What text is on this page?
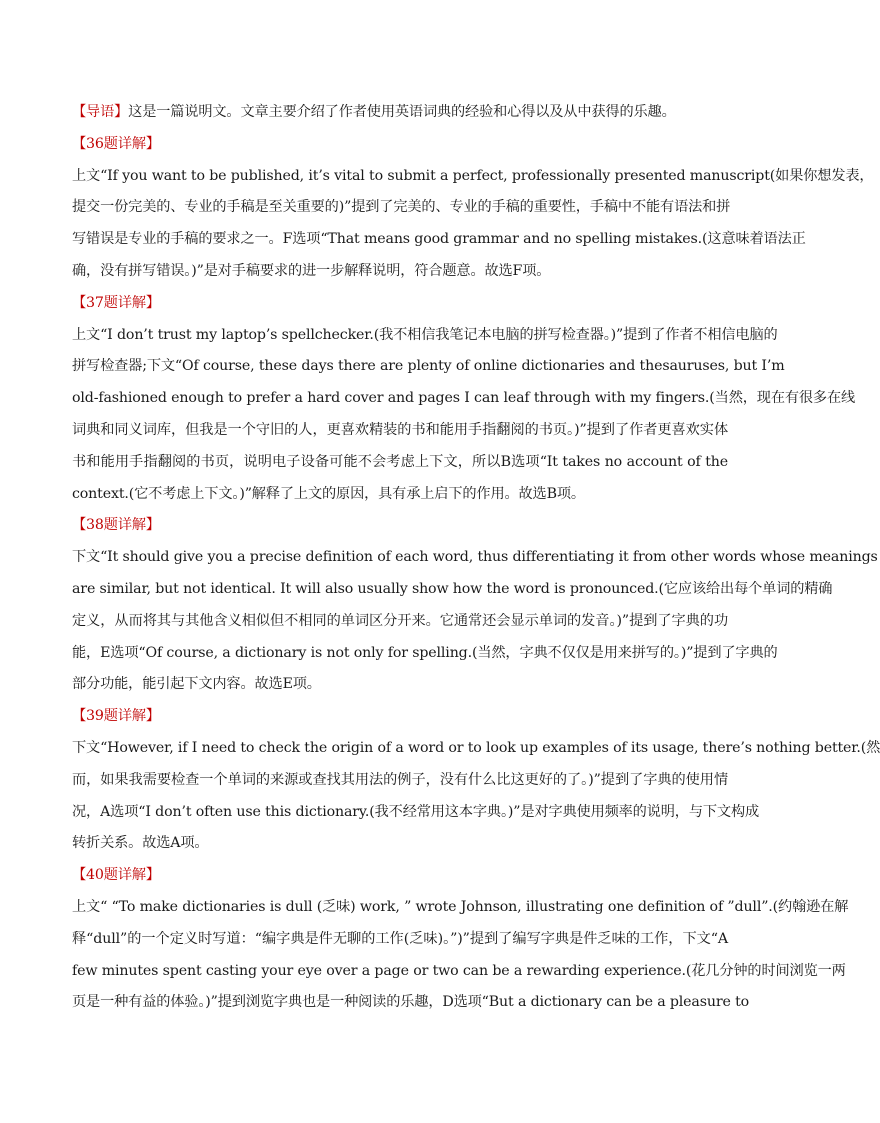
【导语】这是一篇说明文。文章主要介绍了作者使用英语词典的经验和心得以及从中获得的乐趣。
【36题详解】
上文“If you want to be published, it’s vital to submit a perfect, professionally presented manuscript(如果你想发表，
提交一份完美的、专业的手稿是至关重要的)”提到了完美的、专业的手稿的重要性，手稿中不能有语法和拼
写错误是专业的手稿的要求之一。F选项“That means good grammar and no spelling mistakes.(这意味着语法正
确，没有拼写错误。)”是对手稿要求的进一步解释说明，符合题意。故选F项。
【37题详解】
上文“I don’t trust my laptop’s spellchecker.(我不相信我笔记本电脑的拼写检查器。)”提到了作者不相信电脑的
拼写检查器;下文“Of course, these days there are plenty of online dictionaries and thesauruses, but I’m
old-fashioned enough to prefer a hard cover and pages I can leaf through with my fingers.(当然，现在有很多在线
词典和同义词库，但我是一个守旧的人，更喜欢精装的书和能用手指翻阅的书页。)”提到了作者更喜欢实体
书和能用手指翻阅的书页，说明电子设备可能不会考虑上下文，所以B选项“It takes no account of the
context.(它不考虑上下文。)”解释了上文的原因，具有承上启下的作用。故选B项。
【38题详解】
下文“It should give you a precise definition of each word, thus differentiating it from other words whose meanings
are similar, but not identical. It will also usually show how the word is pronounced.(它应该给出每个单词的精确
定义，从而将其与其他含义相似但不相同的单词区分开来。它通常还会显示单词的发音。)”提到了字典的功
能，E选项“Of course, a dictionary is not only for spelling.(当然，字典不仅仅是用来拼写的。)”提到了字典的
部分功能，能引起下文内容。故选E项。
【39题详解】
下文“However, if I need to check the origin of a word or to look up examples of its usage, there’s nothing better.(然
而，如果我需要检查一个单词的来源或查找其用法的例子，没有什么比这更好的了。)”提到了字典的使用情
况，A选项“I don’t often use this dictionary.(我不经常用这本字典。)”是对字典使用频率的说明，与下文构成
转折关系。故选A项。
【40题详解】
上文“ “To make dictionaries is dull (乏味) work, ” wrote Johnson, illustrating one definition of ”dull”.(约翰逊在解
释“dull”的一个定义时写道：“编字典是件无聊的工作(乏味)。”)”提到了编写字典是件乏味的工作，下文“A
few minutes spent casting your eye over a page or two can be a rewarding experience.(花几分钟的时间浏览一两
页是一种有益的体验。)”提到浏览字典也是一种阅读的乐趣，D选项“But a dictionary can be a pleasure to
